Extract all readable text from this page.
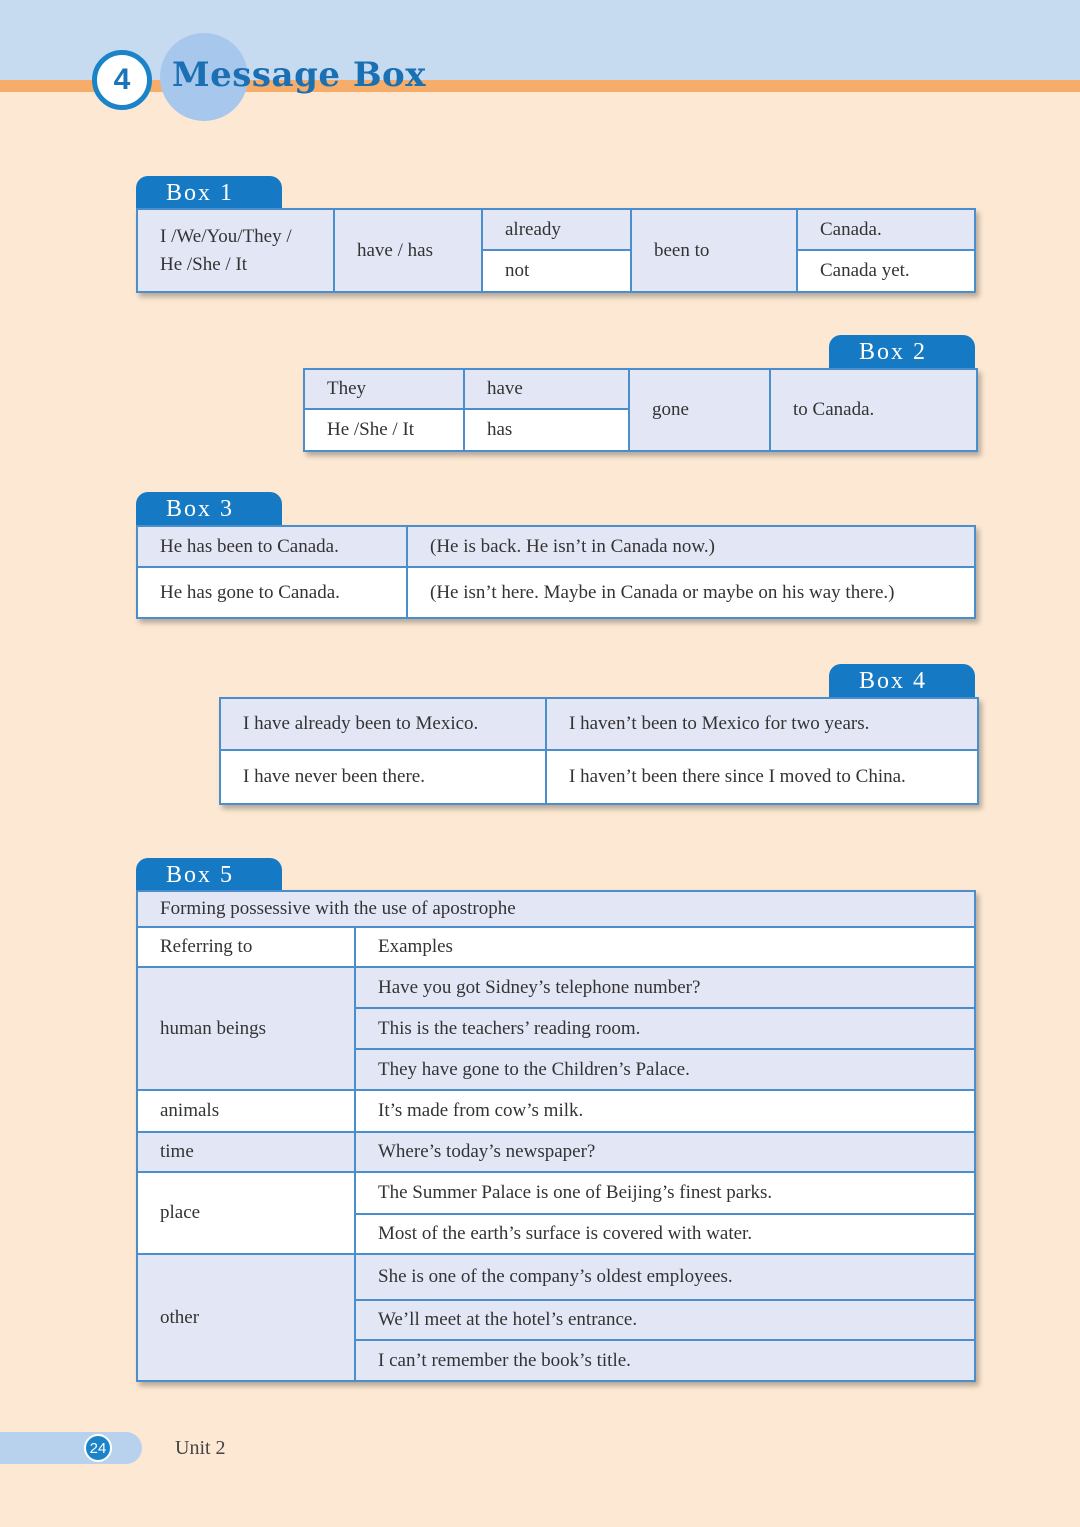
4	Message Box
Box 1
I /We/You/They /
He /She / It	have / has	already	been to	Canada.
		not		Canada yet.
Box 2
They	have	gone	to Canada.
He /She / It	has		
Box 3
He has been to Canada.	(He is back. He isn’t in Canada now.)
He has gone to Canada.	(He isn’t here. Maybe in Canada or maybe on his way there.)
Box 4
I have already been to Mexico.	I haven’t been to Mexico for two years.
I have never been there.	I haven’t been there since I moved to China.
Box 5
Forming possessive with the use of apostrophe	
Referring to	Examples
human beings	Have you got Sidney’s telephone number?
	This is the teachers’ reading room.
	They have gone to the Children’s Palace.
animals	It’s made from cow’s milk.
time	Where’s today’s newspaper?
place	The Summer Palace is one of Beijing’s finest parks.
	Most of the earth’s surface is covered with water.
other	She is one of the company’s oldest employees.
	We’ll meet at the hotel’s entrance.
	I can’t remember the book’s title.
24	Unit 2
